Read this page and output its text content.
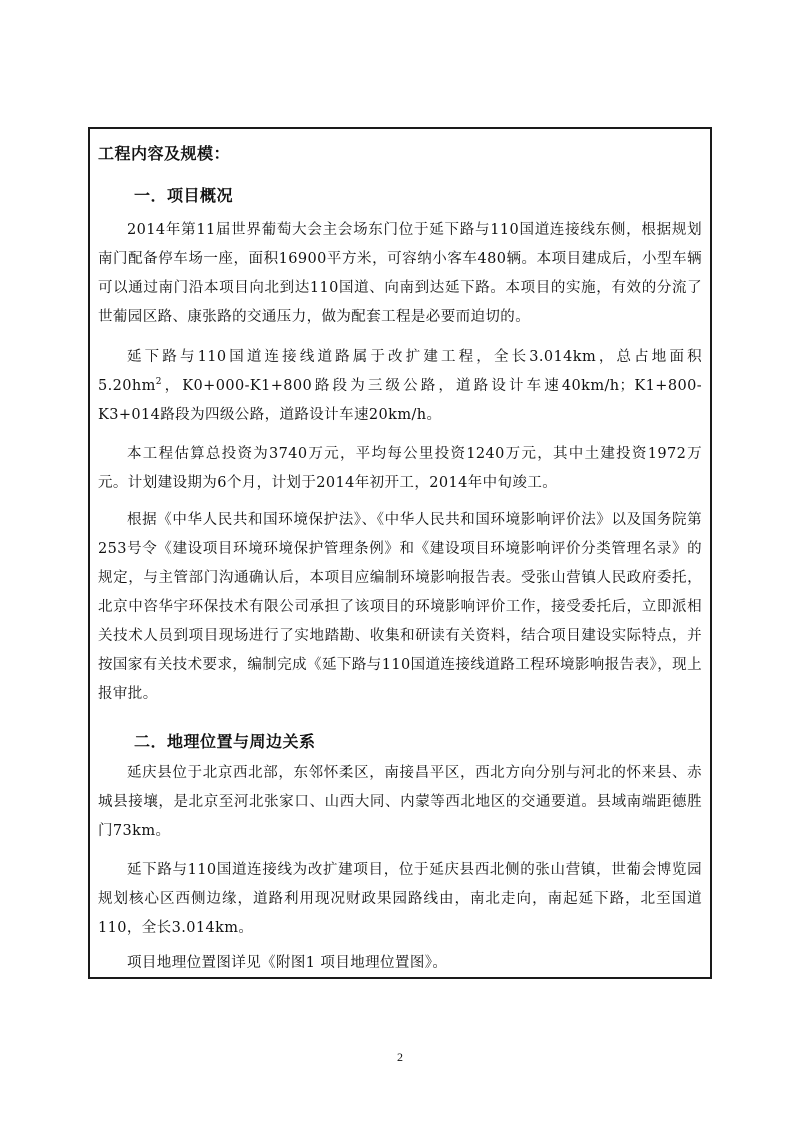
工程内容及规模：
一．项目概况

2014年第11届世界葡萄大会主会场东门位于延下路与110国道连接线东侧，根据规划南门配备停车场一座，面积16900平方米，可容纳小客车480辆。本项目建成后，小型车辆可以通过南门沿本项目向北到达110国道、向南到达延下路。本项目的实施，有效的分流了世葡园区路、康张路的交通压力，做为配套工程是必要而迫切的。

延下路与110国道连接线道路属于改扩建工程，全长3.014km，总占地面积$5.20hm^2$，K0+000-K1+800路段为三级公路，道路设计车速40km/h；K1+800-K3+014路段为四级公路，道路设计车速20km/h。

本工程估算总投资为3740万元，平均每公里投资1240万元，其中土建投资1972万元。计划建设期为6个月，计划于2014年初开工，2014年中旬竣工。

根据《中华人民共和国环境保护法》、《中华人民共和国环境影响评价法》以及国务院第253号令《建设项目环境环境保护管理条例》和《建设项目环境影响评价分类管理名录》的规定，与主管部门沟通确认后，本项目应编制环境影响报告表。受张山营镇人民政府委托，北京中咨华宇环保技术有限公司承担了该项目的环境影响评价工作，接受委托后，立即派相关技术人员到项目现场进行了实地踏勘、收集和研读有关资料，结合项目建设实际特点，并按国家有关技术要求，编制完成《延下路与110国道连接线道路工程环境影响报告表》，现上报审批。

二．地理位置与周边关系

延庆县位于北京西北部，东邻怀柔区，南接昌平区，西北方向分别与河北的怀来县、赤城县接壤，是北京至河北张家口、山西大同、内蒙等西北地区的交通要道。县域南端距德胜门73km。

延下路与110国道连接线为改扩建项目，位于延庆县西北侧的张山营镇，世葡会博览园规划核心区西侧边缘，道路利用现况财政果园路线由，南北走向，南起延下路，北至国道110，全长3.014km。

项目地理位置图详见《附图1 项目地理位置图》。

2
